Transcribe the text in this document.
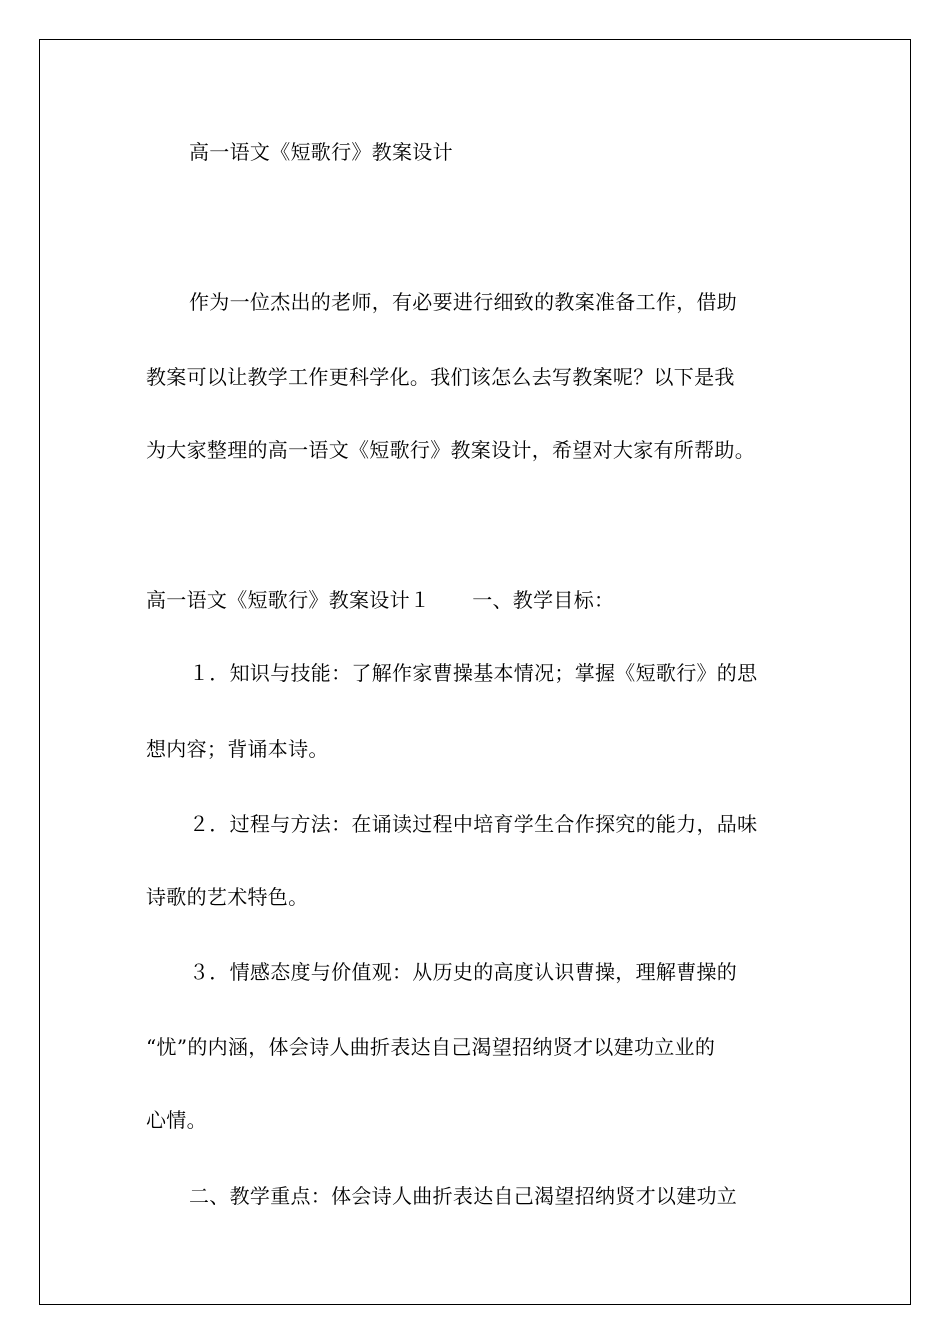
高一语文《短歌行》教案设计
作为一位杰出的老师，有必要进行细致的教案准备工作，借助
教案可以让教学工作更科学化。我们该怎么去写教案呢？以下是我
为大家整理的高一语文《短歌行》教案设计，希望对大家有所帮助。
高一语文《短歌行》教案设计１ 一、教学目标：
１．知识与技能：了解作家曹操基本情况；掌握《短歌行》的思
想内容；背诵本诗。
２．过程与方法：在诵读过程中培育学生合作探究的能力，品味
诗歌的艺术特色。
３．情感态度与价值观：从历史的高度认识曹操，理解曹操的
“忧”的内涵，体会诗人曲折表达自己渴望招纳贤才以建功立业的
心情。
二、教学重点：体会诗人曲折表达自己渴望招纳贤才以建功立
